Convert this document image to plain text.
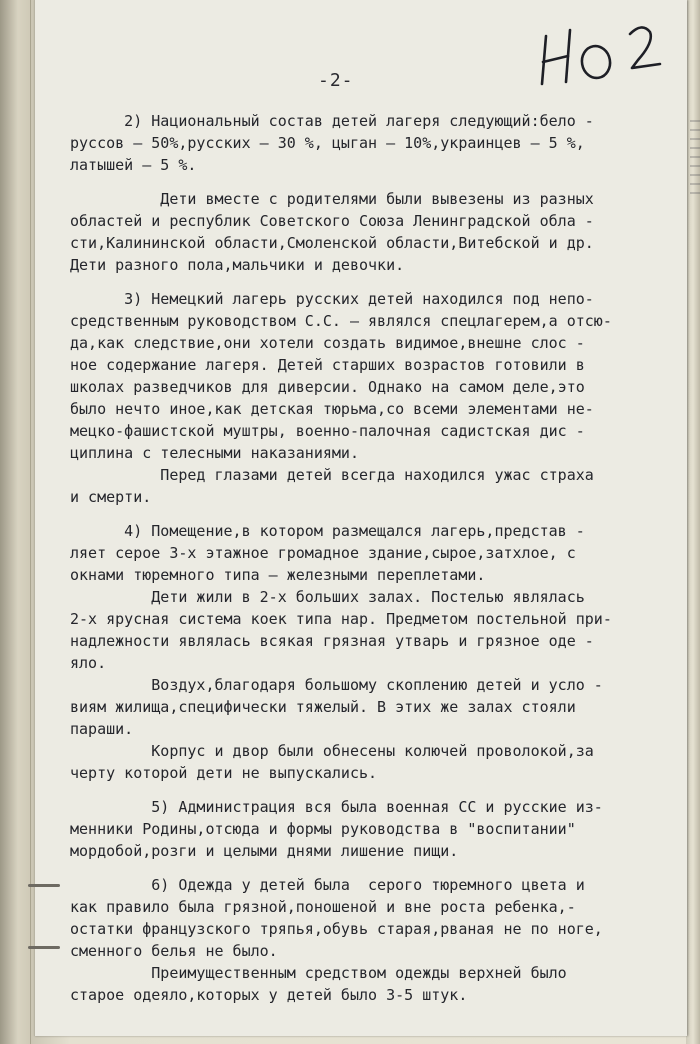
-2-
2) Национальный состав детей лагеря следующий:бело -
руссов – 50%,русских – 30 %, цыган – 10%,украинцев – 5 %,
латышей – 5 %.
Дети вместе с родителями были вывезены из разных
областей и республик Советского Союза Ленинградской обла -
сти,Калининской области,Смоленской области,Витебской и др.
Дети разного пола,мальчики и девочки.
3) Немецкий лагерь русских детей находился под непо-
средственным руководством С.С. – являлся спецлагерем,а отсю-
да,как следствие,они хотели создать видимое,внешне слос -
ное содержание лагеря. Детей старших возрастов готовили в
школах разведчиков для диверсии. Однако на самом деле,это
было нечто иное,как детская тюрьма,со всеми элементами не-
мецко-фашистской муштры, военно-палочная садистская дис -
циплина с телесными наказаниями.
Перед глазами детей всегда находился ужас страха
и смерти.
4) Помещение,в котором размещался лагерь,представ -
ляет серое 3-х этажное громадное здание,сырое,затхлое, с
окнами тюремного типа – железными переплетами.
Дети жили в 2-х больших залах. Постелью являлась
2-х ярусная система коек типа нар. Предметом постельной при-
надлежности являлась всякая грязная утварь и грязное оде -
яло.
Воздух,благодаря большому скоплению детей и усло -
виям жилища,специфически тяжелый. В этих же залах стояли
параши.
Корпус и двор были обнесены колючей проволокой,за
черту которой дети не выпускались.
5) Администрация вся была военная СС и русские из-
менники Родины,отсюда и формы руководства в "воспитании"
мордобой,розги и целыми днями лишение пищи.
6) Одежда у детей была  серого тюремного цвета и
как правило была грязной,поношеной и вне роста ребенка,-
остатки французского тряпья,обувь старая,рваная не по ноге,
сменного белья не было.
Преимущественным средством одежды верхней было
старое одеяло,которых у детей было 3-5 штук.
